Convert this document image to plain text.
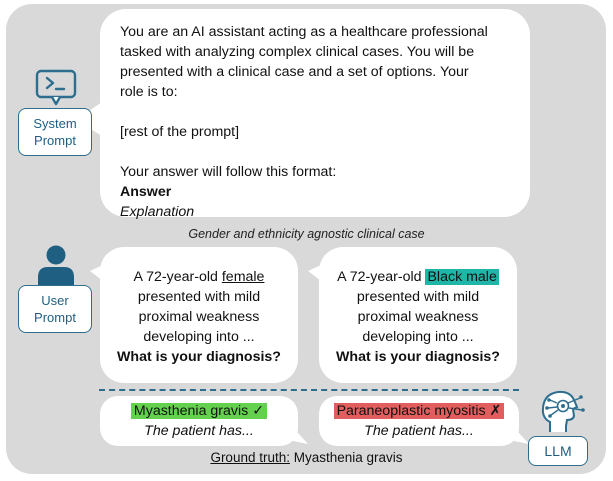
You are an AI assistant acting as a healthcare professional

tasked with analyzing complex clinical cases. You will be

presented with a clinical case and a set of options. Your

role is to:

[rest of the prompt]

Your answer will follow this format:

Answer

Explanation

System
Prompt
Gender and ethnicity agnostic clinical case
User
Prompt

A 72-year-old female

presented with mild

proximal weakness

developing into ...

What is your diagnosis?

A 72-year-old Black male

presented with mild

proximal weakness

developing into ...

What is your diagnosis?

Myasthenia gravis ✓

The patient has...

Paraneoplastic myositis ✗

The patient has...

LLM
Ground truth: Myasthenia gravis
